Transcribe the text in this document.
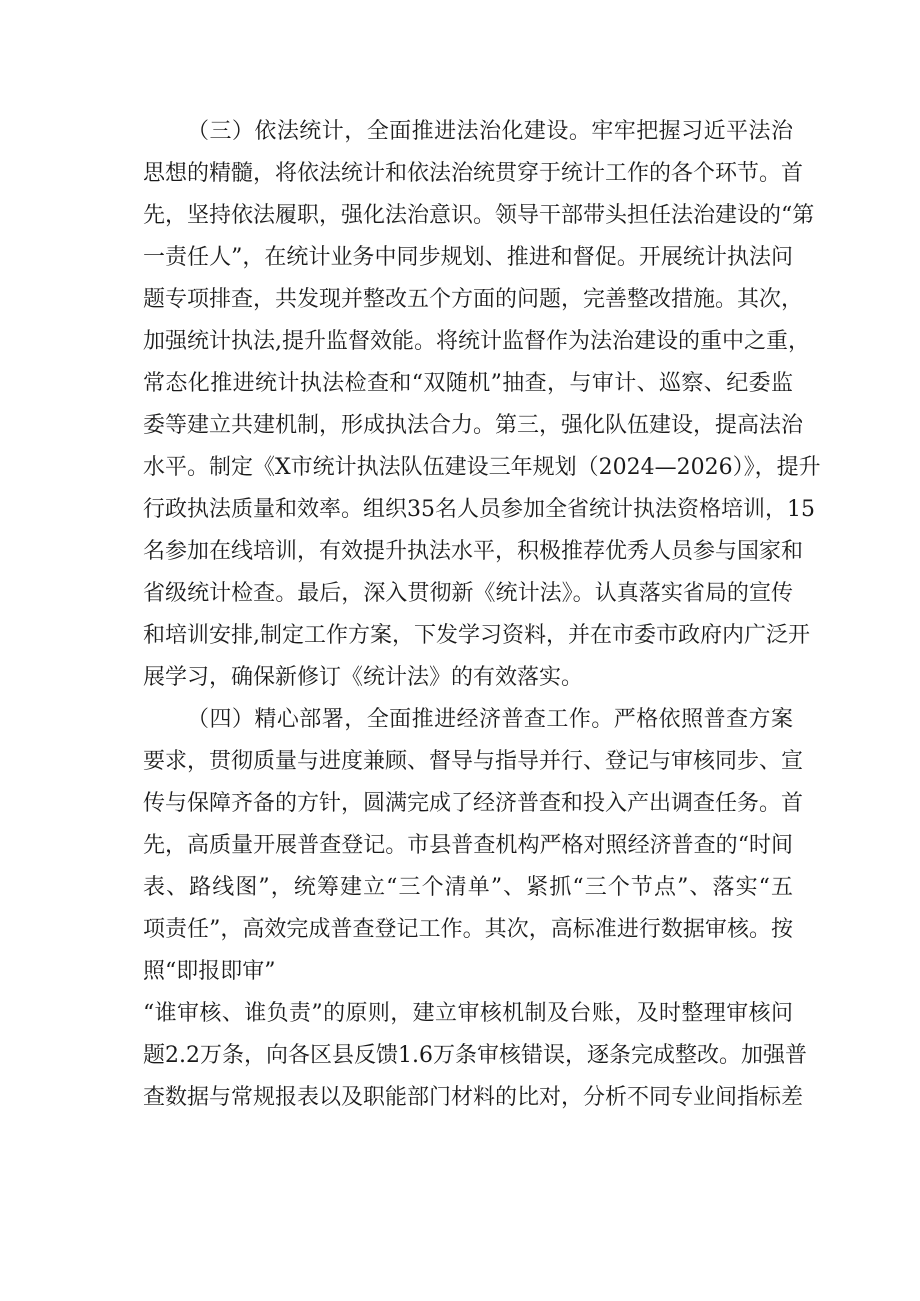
（三）依法统计，全面推进法治化建设。牢牢把握习近平法治
思想的精髓，将依法统计和依法治统贯穿于统计工作的各个环节。首
先，坚持依法履职，强化法治意识。领导干部带头担任法治建设的“第
一责任人”，在统计业务中同步规划、推进和督促。开展统计执法问
题专项排查，共发现并整改五个方面的问题，完善整改措施。其次，
加强统计执法,提升监督效能。将统计监督作为法治建设的重中之重，
常态化推进统计执法检查和“双随机”抽查，与审计、巡察、纪委监
委等建立共建机制，形成执法合力。第三，强化队伍建设，提高法治
水平。制定《X市统计执法队伍建设三年规划（2024—2026）》，提升
行政执法质量和效率。组织35名人员参加全省统计执法资格培训，15
名参加在线培训，有效提升执法水平，积极推荐优秀人员参与国家和
省级统计检查。最后，深入贯彻新《统计法》。认真落实省局的宣传
和培训安排,制定工作方案，下发学习资料，并在市委市政府内广泛开
展学习，确保新修订《统计法》的有效落实。
（四）精心部署，全面推进经济普查工作。严格依照普查方案
要求，贯彻质量与进度兼顾、督导与指导并行、登记与审核同步、宣
传与保障齐备的方针，圆满完成了经济普查和投入产出调查任务。首
先，高质量开展普查登记。市县普查机构严格对照经济普查的“时间
表、路线图”，统筹建立“三个清单”、紧抓“三个节点”、落实“五
项责任”，高效完成普查登记工作。其次，高标准进行数据审核。按
照“即报即审”
“谁审核、谁负责”的原则，建立审核机制及台账，及时整理审核问
题2.2万条，向各区县反馈1.6万条审核错误，逐条完成整改。加强普
查数据与常规报表以及职能部门材料的比对，分析不同专业间指标差
